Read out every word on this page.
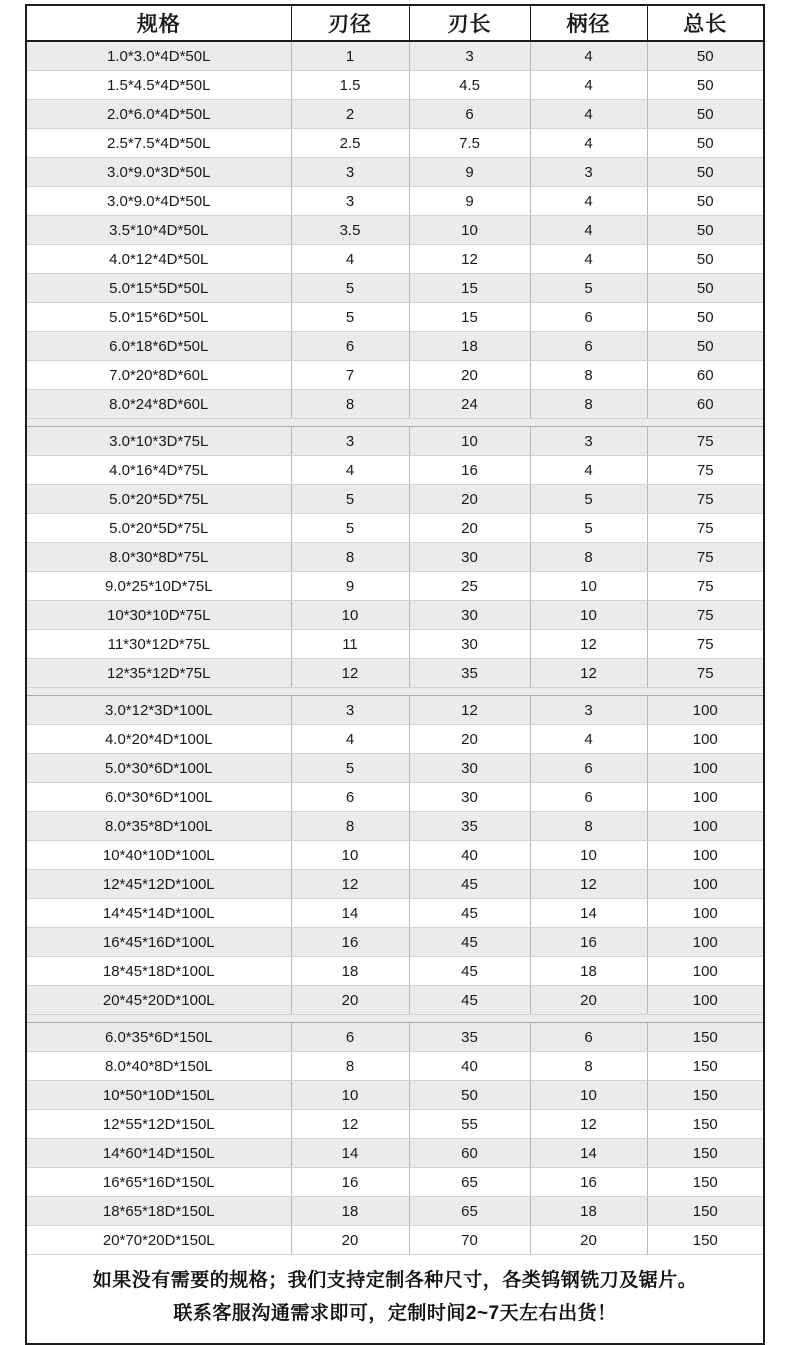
规格	刃径	刃长	柄径	总长
1.0*3.0*4D*50L	1	3	4	50
1.5*4.5*4D*50L	1.5	4.5	4	50
2.0*6.0*4D*50L	2	6	4	50
2.5*7.5*4D*50L	2.5	7.5	4	50
3.0*9.0*3D*50L	3	9	3	50
3.0*9.0*4D*50L	3	9	4	50
3.5*10*4D*50L	3.5	10	4	50
4.0*12*4D*50L	4	12	4	50
5.0*15*5D*50L	5	15	5	50
5.0*15*6D*50L	5	15	6	50
6.0*18*6D*50L	6	18	6	50
7.0*20*8D*60L	7	20	8	60
8.0*24*8D*60L	8	24	8	60

3.0*10*3D*75L	3	10	3	75
4.0*16*4D*75L	4	16	4	75
5.0*20*5D*75L	5	20	5	75
5.0*20*5D*75L	5	20	5	75
8.0*30*8D*75L	8	30	8	75
9.0*25*10D*75L	9	25	10	75
10*30*10D*75L	10	30	10	75
11*30*12D*75L	11	30	12	75
12*35*12D*75L	12	35	12	75

3.0*12*3D*100L	3	12	3	100
4.0*20*4D*100L	4	20	4	100
5.0*30*6D*100L	5	30	6	100
6.0*30*6D*100L	6	30	6	100
8.0*35*8D*100L	8	35	8	100
10*40*10D*100L	10	40	10	100
12*45*12D*100L	12	45	12	100
14*45*14D*100L	14	45	14	100
16*45*16D*100L	16	45	16	100
18*45*18D*100L	18	45	18	100
20*45*20D*100L	20	45	20	100

6.0*35*6D*150L	6	35	6	150
8.0*40*8D*150L	8	40	8	150
10*50*10D*150L	10	50	10	150
12*55*12D*150L	12	55	12	150
14*60*14D*150L	14	60	14	150
16*65*16D*150L	16	65	16	150
18*65*18D*150L	18	65	18	150
20*70*20D*150L	20	70	20	150

如果没有需要的规格；我们支持定制各种尺寸，各类钨钢铣刀及锯片。
联系客服沟通需求即可，定制时间2~7天左右出货！				
